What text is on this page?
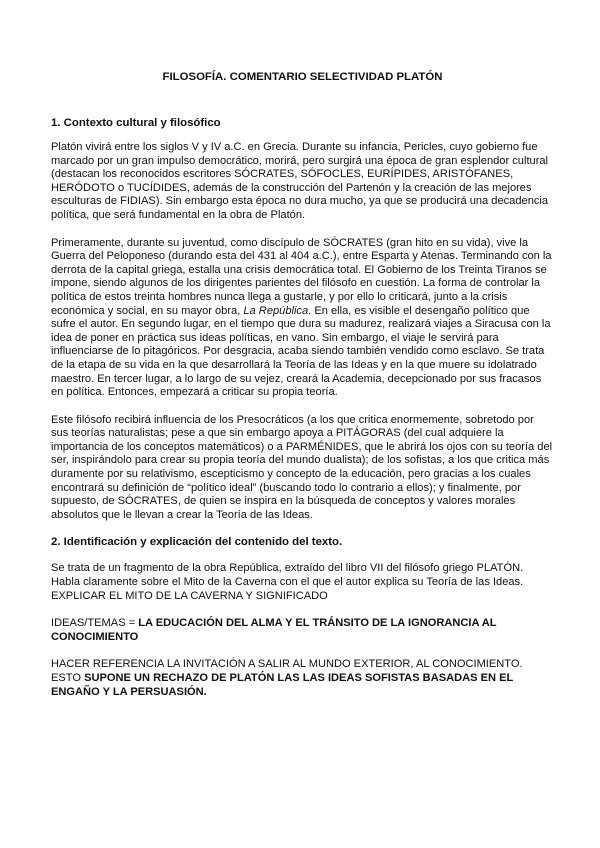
FILOSOFÍA. COMENTARIO SELECTIVIDAD PLATÓN
1. Contexto cultural y filosófico

Platón vivirá entre los siglos V y IV a.C. en Grecia. Durante su infancia, Pericles, cuyo gobierno fue marcado por un gran impulso democrático, morirá, pero surgirá una época de gran esplendor cultural (destacan los reconocidos escritores SÓCRATES, SÓFOCLES, EURÍPIDES, ARISTÓFANES, HERÓDOTO o TUCÍDIDES, además de la construcción del Partenón y la creación de las mejores esculturas de FIDIAS). Sin embargo esta época no dura mucho, ya que se producirá una decadencia política, que será fundamental en la obra de Platón.

Primeramente, durante su juventud, como discípulo de SÓCRATES (gran hito en su vida), vive la Guerra del Peloponeso (durando esta del 431 al 404 a.C.), entre Esparta y Atenas. Terminando con la derrota de la capital griega, estalla una crisis democrática total. El Gobierno de los Treinta Tiranos se impone, siendo algunos de los dirigentes parientes del filósofo en cuestión. La forma de controlar la política de estos treinta hombres nunca llega a gustarle, y por ello lo criticará, junto a la crisis económica y social, en su mayor obra, La República. En ella, es visible el desengaño político que sufre el autor. En segundo lugar, en el tiempo que dura su madurez, realizará viajes a Siracusa con la idea de poner en práctica sus ideas políticas, en vano. Sin embargo, el viaje le servirá para influenciarse de lo pitagóricos. Por desgracia, acaba siendo también vendido como esclavo. Se trata de la etapa de su vida en la que desarrollará la Teoría de las Ideas y en la que muere su idolatrado maestro. En tercer lugar, a lo largo de su vejez, creará la Academia, decepcionado por sus fracasos en política. Entonces, empezará a criticar su propia teoría.

Este filósofo recibirá influencia de los Presocráticos (a los que critica enormemente, sobretodo por sus teorías naturalistas; pese a que sin embargo apoya a PITÁGORAS (del cual adquiere la importancia de los conceptos matemáticos) o a PARMÉNIDES, que le abrirá los ojos con su teoría del ser, inspirándolo para crear su propia teoría del mundo dualista); de los sofistas, a los que critica más duramente por su relativismo, escepticismo y concepto de la educación, pero gracias a los cuales encontrará su definición de “político ideal” (buscando todo lo contrario a ellos); y finalmente, por supuesto, de SÓCRATES, de quien se inspira en la búsqueda de conceptos y valores morales absolutos que le llevan a crear la Teoría de las Ideas.

2. Identificación y explicación del contenido del texto.

Se trata de un fragmento de la obra República, extraído del libro VII del filósofo griego PLATÓN. Habla claramente sobre el Mito de la Caverna con el que el autor explica su Teoría de las Ideas. EXPLICAR EL MITO DE LA CAVERNA Y SIGNIFICADO

IDEAS/TEMAS = LA EDUCACIÓN DEL ALMA Y EL TRÁNSITO DE LA IGNORANCIA AL CONOCIMIENTO

HACER REFERENCIA LA INVITACIÓN A SALIR AL MUNDO EXTERIOR, AL CONOCIMIENTO. ESTO SUPONE UN RECHAZO DE PLATÓN LAS LAS IDEAS SOFISTAS BASADAS EN EL ENGAÑO Y LA PERSUASIÓN.
